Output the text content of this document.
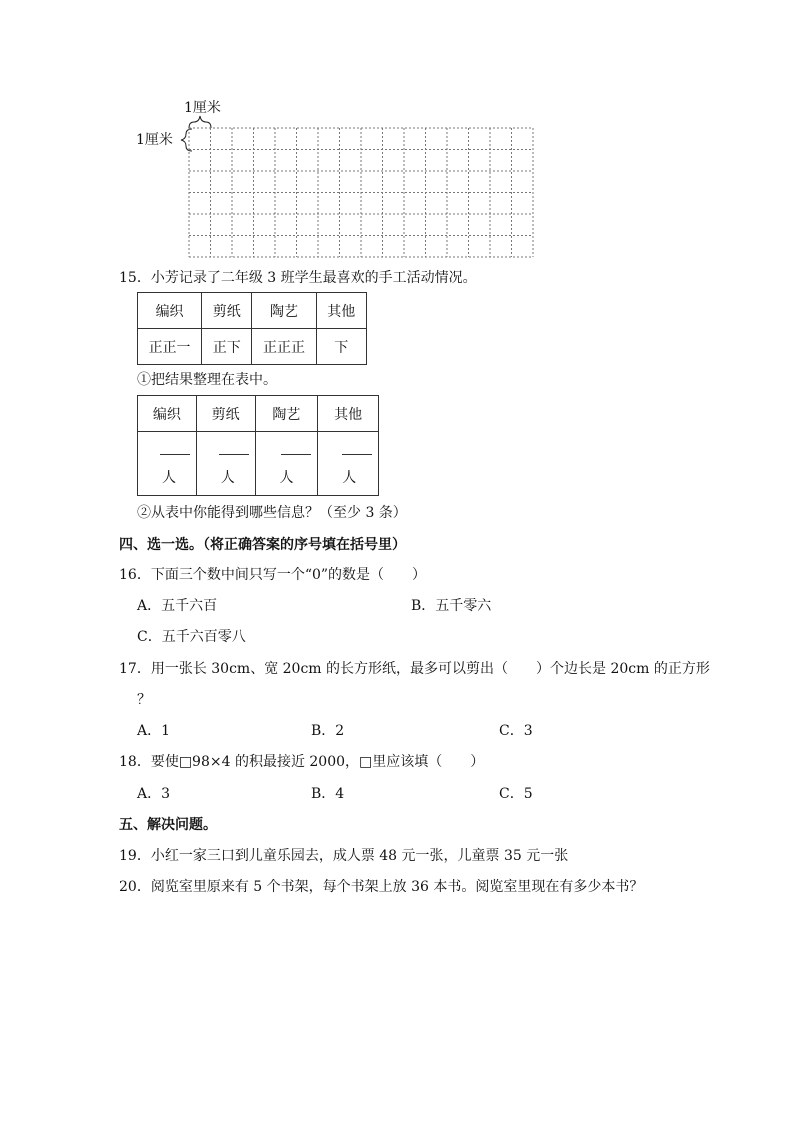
1厘米
1厘米
15．小芳记录了二年级 3 班学生最喜欢的手工活动情况。
编织	剪纸	陶艺	其他
正正一	正下	正正正	下
①把结果整理在表中。
编织	剪纸	陶艺	其他

人	人	人	人
②从表中你能得到哪些信息？（至少 3 条）
四、选一选。（将正确答案的序号填在括号里）
16．下面三个数中间只写一个“0”的数是（　　）
A．五千六百	B．五千零六
C．五千六百零八
17．用一张长 30cm、宽 20cm 的长方形纸，最多可以剪出（　　）个边长是 20cm 的正方形
？
A．1	B．2	C．3
18．要使□98×4 的积最接近 2000，□里应该填（　　）
A．3	B．4	C．5
五、解决问题。
19．小红一家三口到儿童乐园去，成人票 48 元一张，儿童票 35 元一张
20．阅览室里原来有 5 个书架，每个书架上放 36 本书。阅览室里现在有多少本书？
